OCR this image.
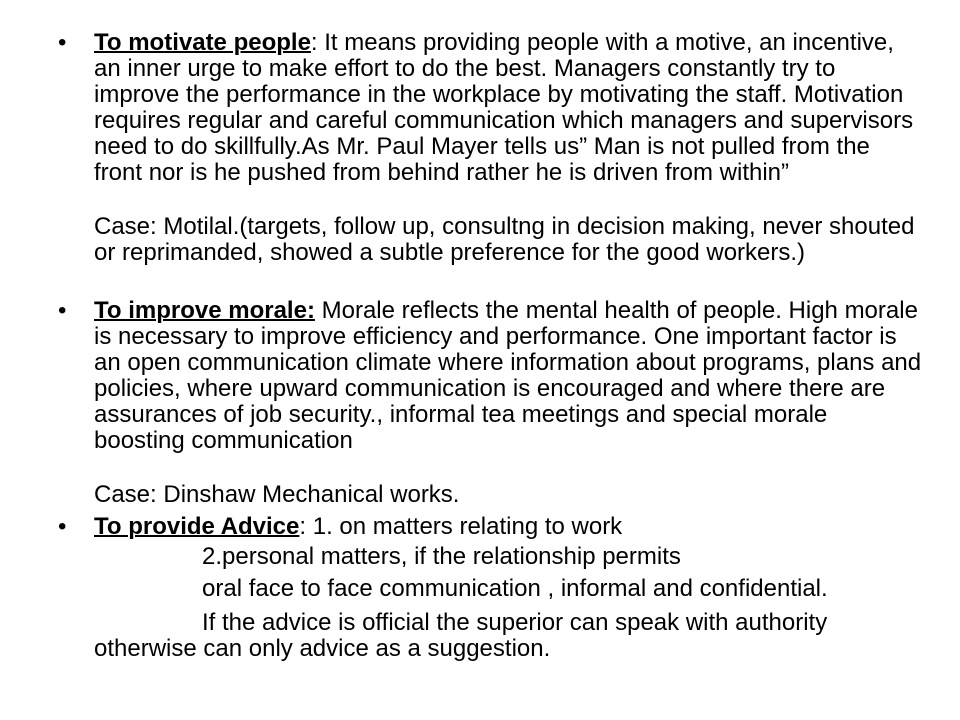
• To motivate people: It means providing people with a motive, an incentive, an inner urge to make effort to do the best. Managers constantly try to improve the performance in the workplace by motivating the staff. Motivation requires regular and careful communication which managers and supervisors need to do skillfully.As Mr. Paul Mayer tells us” Man is not pulled from the front nor is he pushed from behind rather he is driven from within”
Case: Motilal.(targets, follow up, consultng in decision making, never shouted or reprimanded, showed a subtle preference for the good workers.)
• To improve morale: Morale reflects the mental health of people. High morale is necessary to improve efficiency and performance. One important factor is an open communication climate where information about programs, plans and policies, where upward communication is encouraged and where there are assurances of job security., informal tea meetings and special morale boosting communication
Case: Dinshaw Mechanical works.
• To provide Advice: 1. on matters relating to work
2.personal matters, if the relationship permits
oral face to face communication , informal and confidential.
If the advice is official the superior can speak with authority otherwise can only advice as a suggestion.
